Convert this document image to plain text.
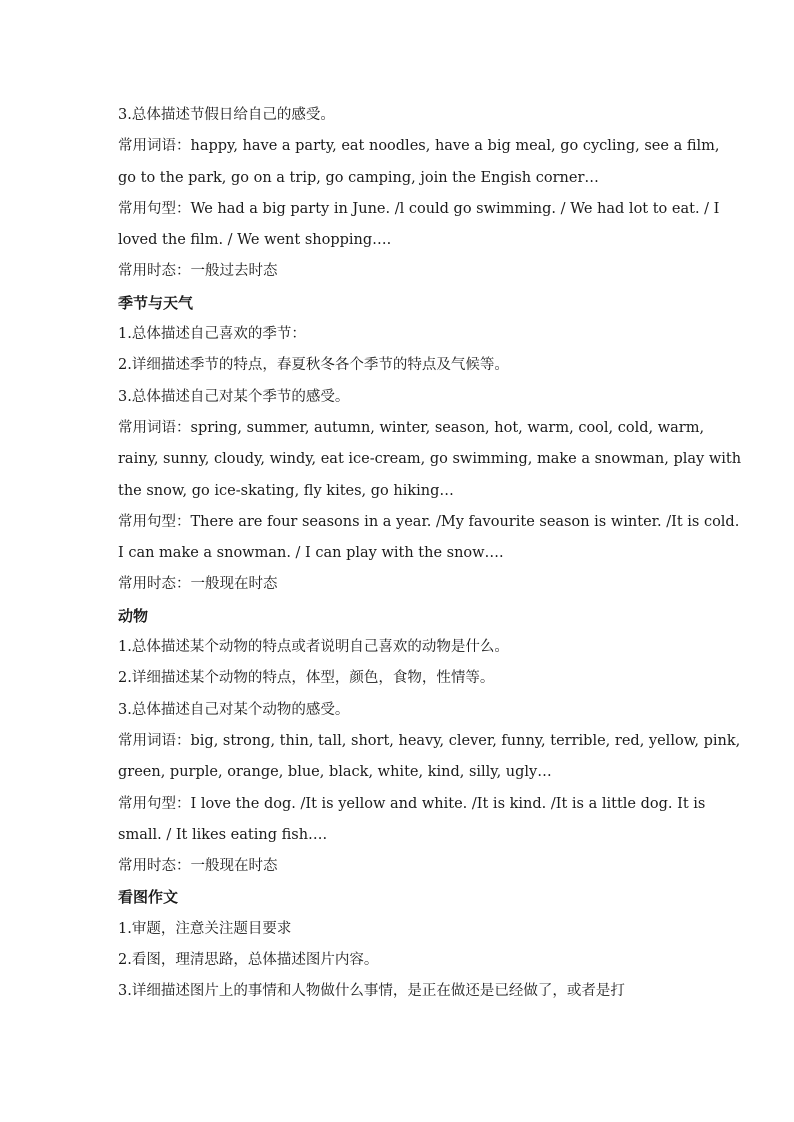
3.总体描述节假日给自己的感受。
常用词语：happy, have a party, eat noodles, have a big meal, go cycling, see a film,
go to the park, go on a trip, go camping, join the Engish corner…
常用句型：We had a big party in June. /l could go swimming. / We had lot to eat. / I
loved the film. / We went shopping….
常用时态：一般过去时态
季节与天气
1.总体描述自己喜欢的季节：
2.详细描述季节的特点，春夏秋冬各个季节的特点及气候等。
3.总体描述自己对某个季节的感受。
常用词语：spring, summer, autumn, winter, season, hot, warm, cool, cold, warm,
rainy, sunny, cloudy, windy, eat ice-cream, go swimming, make a snowman, play with
the snow, go ice-skating, fly kites, go hiking…
常用句型：There are four seasons in a year. /My favourite season is winter. /It is cold.
I can make a snowman. / I can play with the snow….
常用时态：一般现在时态
动物
1.总体描述某个动物的特点或者说明自己喜欢的动物是什么。
2.详细描述某个动物的特点，体型，颜色，食物，性情等。
3.总体描述自己对某个动物的感受。
常用词语：big, strong, thin, tall, short, heavy, clever, funny, terrible, red, yellow, pink,
green, purple, orange, blue, black, white, kind, silly, ugly…
常用句型：I love the dog. /It is yellow and white. /It is kind. /It is a little dog. It is
small. / It likes eating fish….
常用时态：一般现在时态
看图作文
1.审题，注意关注题目要求
2.看图，理清思路，总体描述图片内容。
3.详细描述图片上的事情和人物做什么事情，是正在做还是已经做了，或者是打
